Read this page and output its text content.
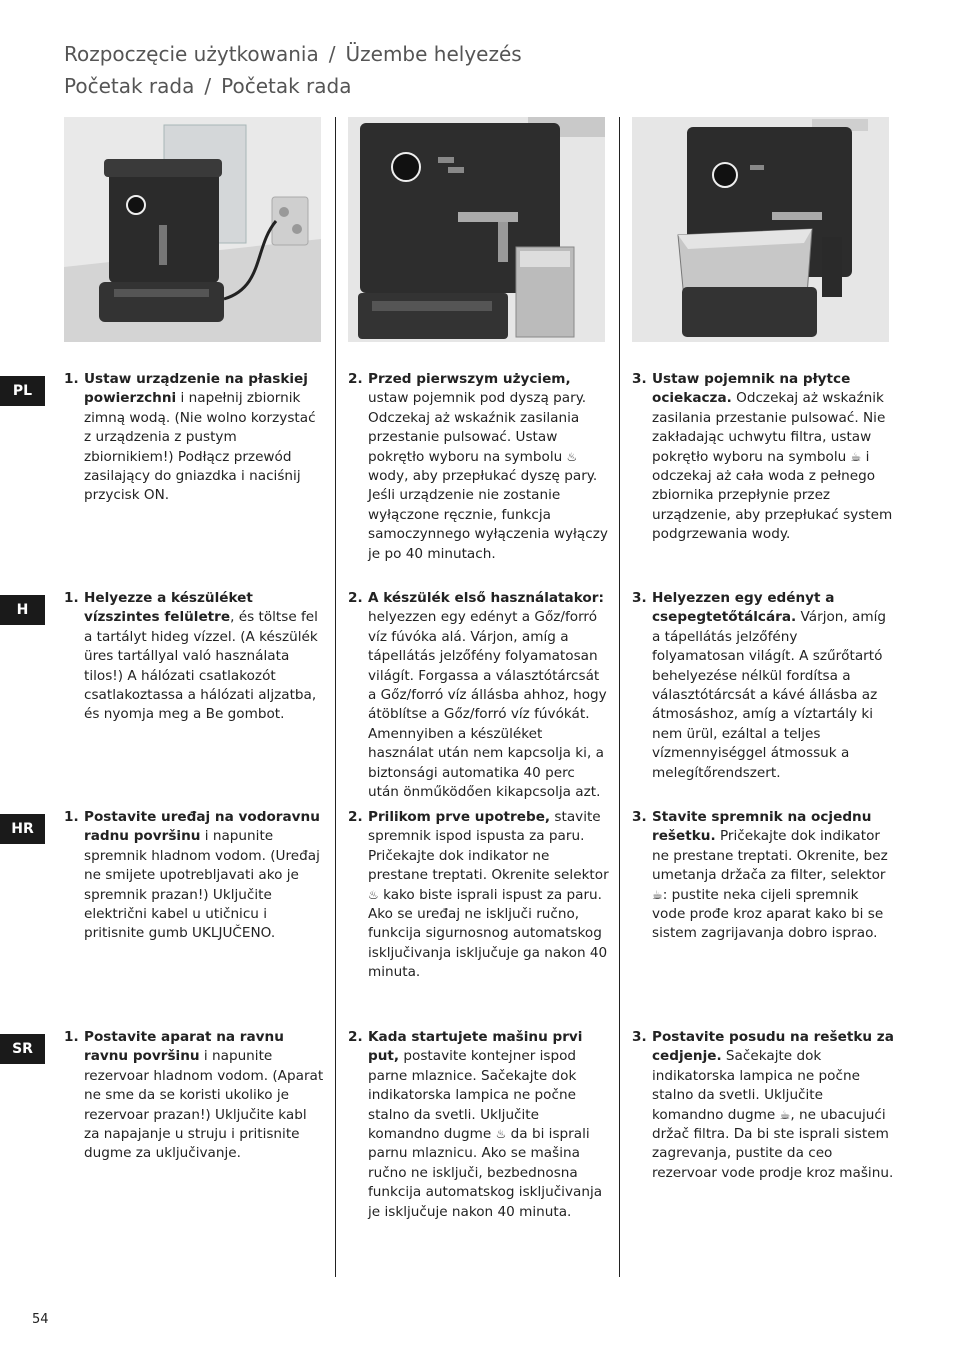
Rozpoczęcie użytkowania / Üzembe helyezés
Početak rada / Početak rada
PL
H
HR
SR
1. Ustaw urządzenie na płaskiej powierzchni i napełnij zbiornik zimną wodą. (Nie wolno korzystać z urządzenia z pustym zbiornikiem!) Podłącz przewód zasilający do gniazdka i naciśnij przycisk ON.
2. Przed pierwszym użyciem, ustaw pojemnik pod dyszą pary. Odczekaj aż wskaźnik zasilania przestanie pulsować. Ustaw pokrętło wyboru na symbolu ♨ wody, aby przepłukać dyszę pary. Jeśli urządzenie nie zostanie wyłączone ręcznie, funkcja samoczynnego wyłączenia wyłączy je po 40 minutach.
3. Ustaw pojemnik na płytce ociekacza. Odczekaj aż wskaźnik zasilania przestanie pulsować. Nie zakładając uchwytu filtra, ustaw pokrętło wyboru na symbolu ☕ i odczekaj aż cała woda z pełnego zbiornika przepłynie przez urządzenie, aby przepłukać system podgrzewania wody.
1. Helyezze a készüléket vízszintes felületre, és töltse fel a tartályt hideg vízzel. (A készülék üres tartállyal való használata tilos!) A hálózati csatlakozót csatlakoztassa a hálózati aljzatba, és nyomja meg a Be gombot.
2. A készülék első használatakor: helyezzen egy edényt a Gőz/forró víz fúvóka alá. Várjon, amíg a tápellátás jelzőfény folyamatosan világít. Forgassa a választótárcsát a Gőz/forró víz állásba ahhoz, hogy átöblítse a Gőz/forró víz fúvókát. Amennyiben a készüléket használat után nem kapcsolja ki, a biztonsági automatika 40 perc után önműködően kikapcsolja azt.
3. Helyezzen egy edényt a csepegtetőtálcára. Várjon, amíg a tápellátás jelzőfény folyamatosan világít. A szűrőtartó behelyezése nélkül fordítsa a választótárcsát a kávé állásba az átmosáshoz, amíg a víztartály ki nem ürül, ezáltal a teljes vízmennyiséggel átmossuk a melegítőrendszert.
1. Postavite uređaj na vodoravnu radnu površinu i napunite spremnik hladnom vodom. (Uređaj ne smijete upotrebljavati ako je spremnik prazan!) Uključite električni kabel u utičnicu i pritisnite gumb UKLJUČENO.
2. Prilikom prve upotrebe, stavite spremnik ispod ispusta za paru. Pričekajte dok indikator ne prestane treptati. Okrenite selektor ♨ kako biste isprali ispust za paru. Ako se uređaj ne isključi ručno, funkcija sigurnosnog automatskog isključivanja isključuje ga nakon 40 minuta.
3. Stavite spremnik na ocjednu rešetku. Pričekajte dok indikator ne prestane treptati. Okrenite, bez umetanja držača za filter, selektor ☕: pustite neka cijeli spremnik vode prođe kroz aparat kako bi se sistem zagrijavanja dobro isprao.
1. Postavite aparat na ravnu ravnu površinu i napunite rezervoar hladnom vodom. (Aparat ne sme da se koristi ukoliko je rezervoar prazan!) Uključite kabl za napajanje u struju i pritisnite dugme za uključivanje.
2. Kada startujete mašinu prvi put, postavite kontejner ispod parne mlaznice. Sačekajte dok indikatorska lampica ne počne stalno da svetli. Uključite komandno dugme ♨ da bi isprali parnu mlaznicu. Ako se mašina ručno ne isključi, bezbednosna funkcija automatskog isključivanja je isključuje nakon 40 minuta.
3. Postavite posudu na rešetku za cedjenje. Sačekajte dok indikatorska lampica ne počne stalno da svetli. Uključite komandno dugme ☕, ne ubacujući držač filtra. Da bi ste isprali sistem zagrevanja, pustite da ceo rezervoar vode prodje kroz mašinu.
54
